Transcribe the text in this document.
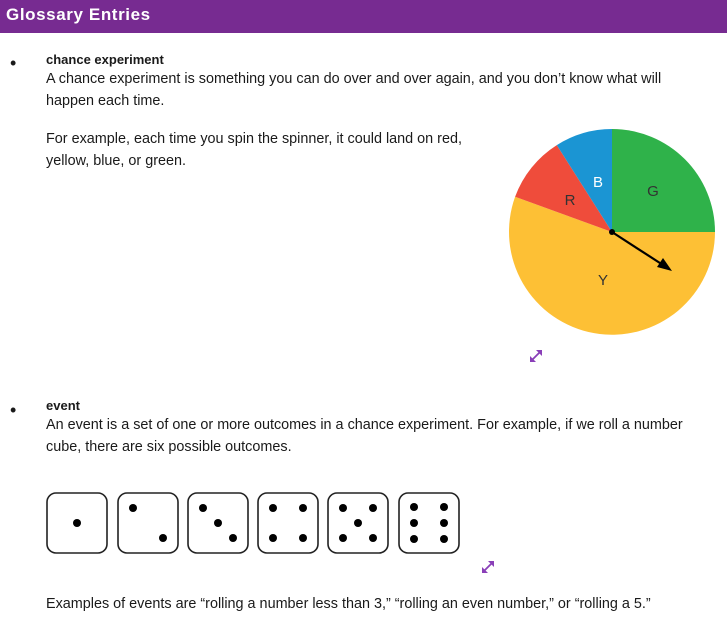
Glossary Entries
• chance experiment
A chance experiment is something you can do over and over again, and you don’t know what will happen each time.
For example, each time you spin the spinner, it could land on red, yellow, blue, or green.
G
Y
R
B
• event
An event is a set of one or more outcomes in a chance experiment. For example, if we roll a number cube, there are six possible outcomes.
Examples of events are “rolling a number less than 3,” “rolling an even number,” or “rolling a 5.”
